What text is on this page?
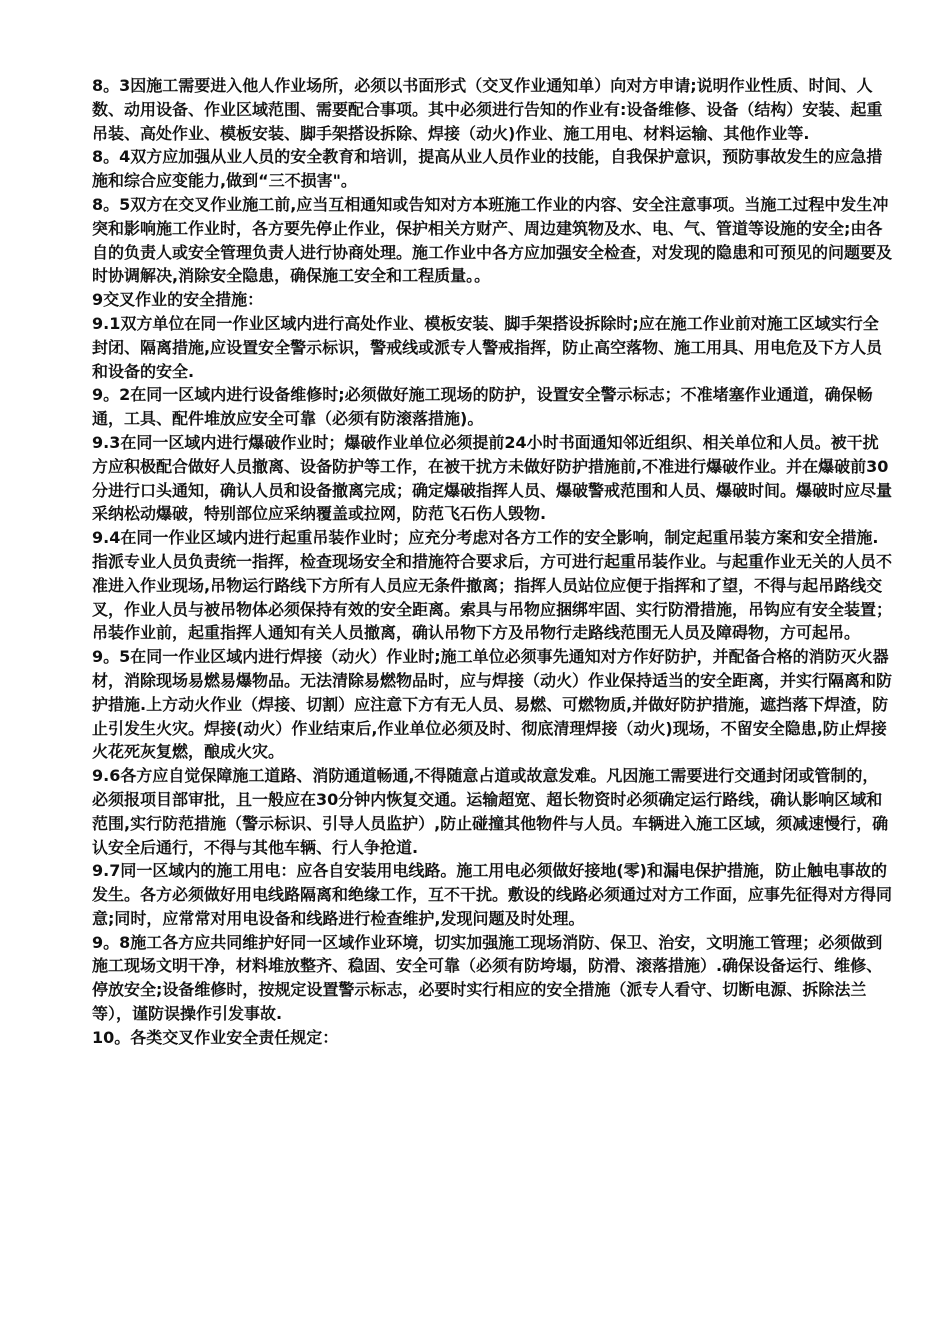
8。3因施工需要进入他人作业场所，必须以书面形式（交叉作业通知单）向对方申请;说明作业性质、时间、人数、动用设备、作业区域范围、需要配合事项。其中必须进行告知的作业有:设备维修、设备（结构）安装、起重吊装、高处作业、模板安装、脚手架搭设拆除、焊接（动火)作业、施工用电、材料运输、其他作业等.

8。4双方应加强从业人员的安全教育和培训，提高从业人员作业的技能，自我保护意识，预防事故发生的应急措施和综合应变能力,做到“三不损害"。

8。5双方在交叉作业施工前,应当互相通知或告知对方本班施工作业的内容、安全注意事项。当施工过程中发生冲突和影响施工作业时，各方要先停止作业，保护相关方财产、周边建筑物及水、电、气、管道等设施的安全;由各自的负责人或安全管理负责人进行协商处理。施工作业中各方应加强安全检查，对发现的隐患和可预见的问题要及时协调解决,消除安全隐患，确保施工安全和工程质量。。

9交叉作业的安全措施：

9.1双方单位在同一作业区域内进行高处作业、模板安装、脚手架搭设拆除时;应在施工作业前对施工区域实行全封闭、隔离措施,应设置安全警示标识，警戒线或派专人警戒指挥，防止高空落物、施工用具、用电危及下方人员和设备的安全.

9。2在同一区域内进行设备维修时;必须做好施工现场的防护，设置安全警示标志；不准堵塞作业通道，确保畅通，工具、配件堆放应安全可靠（必须有防滚落措施)。

9.3在同一区域内进行爆破作业时；爆破作业单位必须提前24小时书面通知邻近组织、相关单位和人员。被干扰方应积极配合做好人员撤离、设备防护等工作，在被干扰方未做好防护措施前,不准进行爆破作业。并在爆破前30分进行口头通知，确认人员和设备撤离完成；确定爆破指挥人员、爆破警戒范围和人员、爆破时间。爆破时应尽量采纳松动爆破，特别部位应采纳覆盖或拉网，防范飞石伤人毁物.

9.4在同一作业区域内进行起重吊装作业时；应充分考虑对各方工作的安全影响，制定起重吊装方案和安全措施.指派专业人员负责统一指挥，检查现场安全和措施符合要求后，方可进行起重吊装作业。与起重作业无关的人员不准进入作业现场,吊物运行路线下方所有人员应无条件撤离；指挥人员站位应便于指挥和了望，不得与起吊路线交叉，作业人员与被吊物体必须保持有效的安全距离。索具与吊物应捆绑牢固、实行防滑措施，吊钩应有安全装置；吊装作业前，起重指挥人通知有关人员撤离，确认吊物下方及吊物行走路线范围无人员及障碍物，方可起吊。

9。5在同一作业区域内进行焊接（动火）作业时;施工单位必须事先通知对方作好防护，并配备合格的消防灭火器材，消除现场易燃易爆物品。无法清除易燃物品时，应与焊接（动火）作业保持适当的安全距离，并实行隔离和防护措施.上方动火作业（焊接、切割）应注意下方有无人员、易燃、可燃物质,并做好防护措施，遮挡落下焊渣，防止引发生火灾。焊接(动火）作业结束后,作业单位必须及时、彻底清理焊接（动火)现场，不留安全隐患,防止焊接火花死灰复燃，酿成火灾。

9.6各方应自觉保障施工道路、消防通道畅通,不得随意占道或故意发难。凡因施工需要进行交通封闭或管制的，必须报项目部审批，且一般应在30分钟内恢复交通。运输超宽、超长物资时必须确定运行路线，确认影响区域和范围,实行防范措施（警示标识、引导人员监护）,防止碰撞其他物件与人员。车辆进入施工区域，须减速慢行，确认安全后通行，不得与其他车辆、行人争抢道.

9.7同一区域内的施工用电：应各自安装用电线路。施工用电必须做好接地(零)和漏电保护措施，防止触电事故的发生。各方必须做好用电线路隔离和绝缘工作，互不干扰。敷设的线路必须通过对方工作面，应事先征得对方得同意;同时，应常常对用电设备和线路进行检查维护,发现问题及时处理。

9。8施工各方应共同维护好同一区域作业环境，切实加强施工现场消防、保卫、治安，文明施工管理；必须做到施工现场文明干净，材料堆放整齐、稳固、安全可靠（必须有防垮塌，防滑、滚落措施）.确保设备运行、维修、停放安全;设备维修时，按规定设置警示标志，必要时实行相应的安全措施（派专人看守、切断电源、拆除法兰等），谨防误操作引发事故.

10。各类交叉作业安全责任规定：
